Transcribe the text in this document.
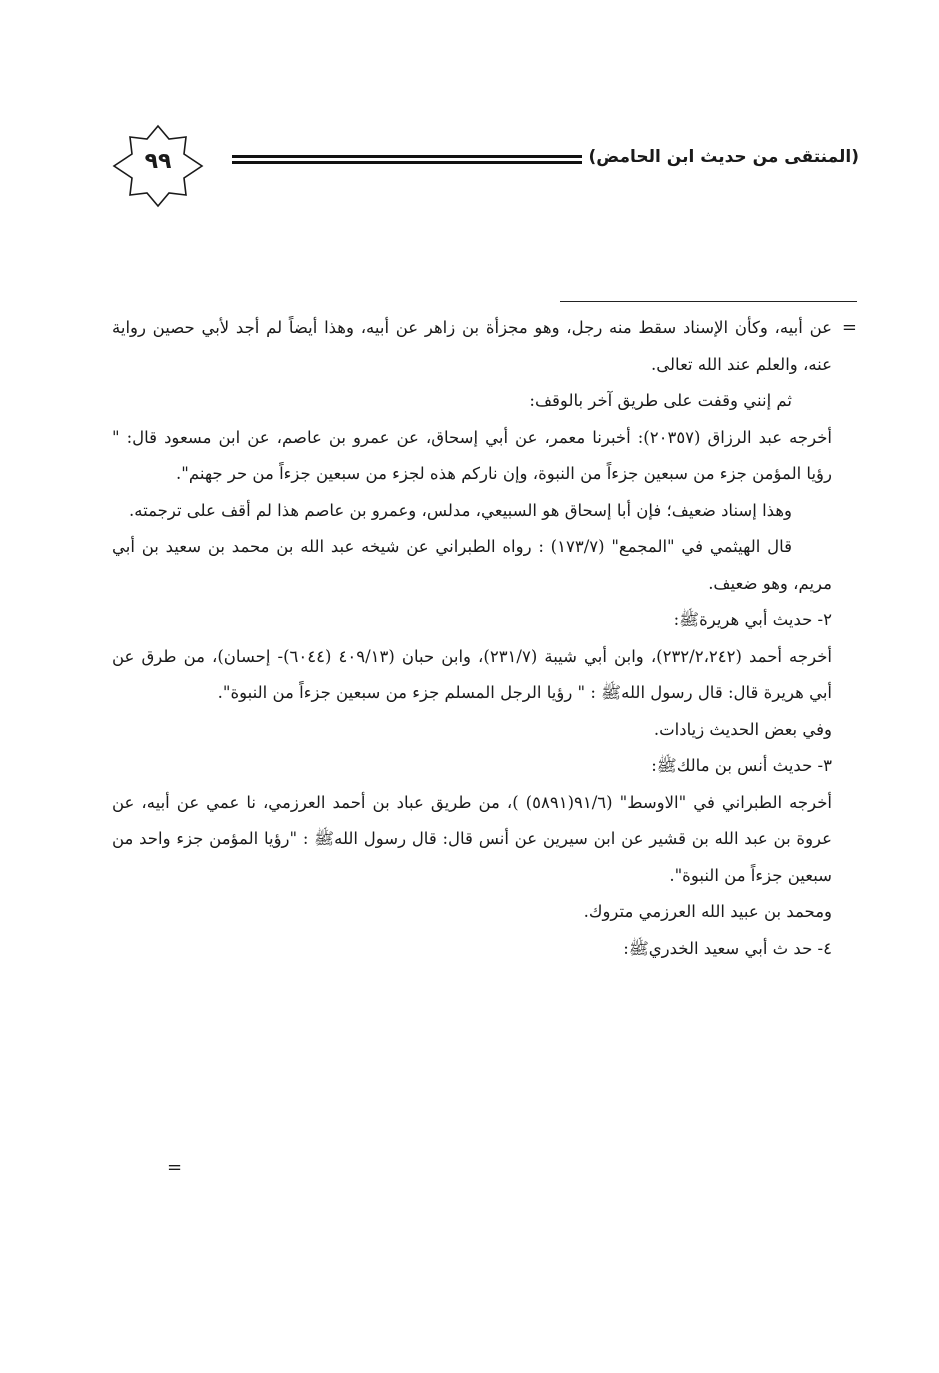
٩٩	(المنتقى من حديث ابن الحامض)
=

عن أبيه، وكأن الإسناد سقط منه رجل، وهو مجزأة بن زاهر عن أبيه، وهذا أيضاً لم أجد لأبي حصين رواية عنه، والعلم عند الله تعالى.

ثم إنني وقفت على طريق آخر بالوقف:

أخرجه عبد الرزاق (٢٠٣٥٧): أخبرنا معمر، عن أبي إسحاق، عن عمرو بن عاصم، عن ابن مسعود قال: " رؤيا المؤمن جزء من سبعين جزءاً من النبوة، وإن ناركم هذه لجزء من سبعين جزءاً من حر جهنم".

وهذا إسناد ضعيف؛ فإن أبا إسحاق هو السبيعي، مدلس، وعمرو بن عاصم هذا لم أقف على ترجمته.

قال الهيثمي في "المجمع" (١٧٣/٧) : رواه الطبراني عن شيخه عبد الله بن محمد بن سعيد بن أبي مريم، وهو ضعيف.

٢- حديث أبي هريرةﷺ:

أخرجه أحمد (٢٣٢/٢،٢٤٢)، وابن أبي شيبة (٢٣١/٧)، وابن حبان (٤٠٩/١٣ (٦٠٤٤)- إحسان)، من طرق عن أبي هريرة قال: قال رسول اللهﷺ : " رؤيا الرجل المسلم جزء من سبعين جزءاً من النبوة".

وفي بعض الحديث زيادات.

٣- حديث أنس بن مالكﷺ:

أخرجه الطبراني في "الاوسط" (٩١/٦(٥٨٩١) )، من طريق عباد بن أحمد العرزمي، نا عمي عن أبيه، عن عروة بن عبد الله بن قشير عن ابن سيرين عن أنس قال: قال رسول اللهﷺ : "رؤيا المؤمن جزء واحد من سبعين جزءاً من النبوة".

ومحمد بن عبيد الله العرزمي متروك.

٤- حد ث أبي سعيد الخدريﷺ:

=
